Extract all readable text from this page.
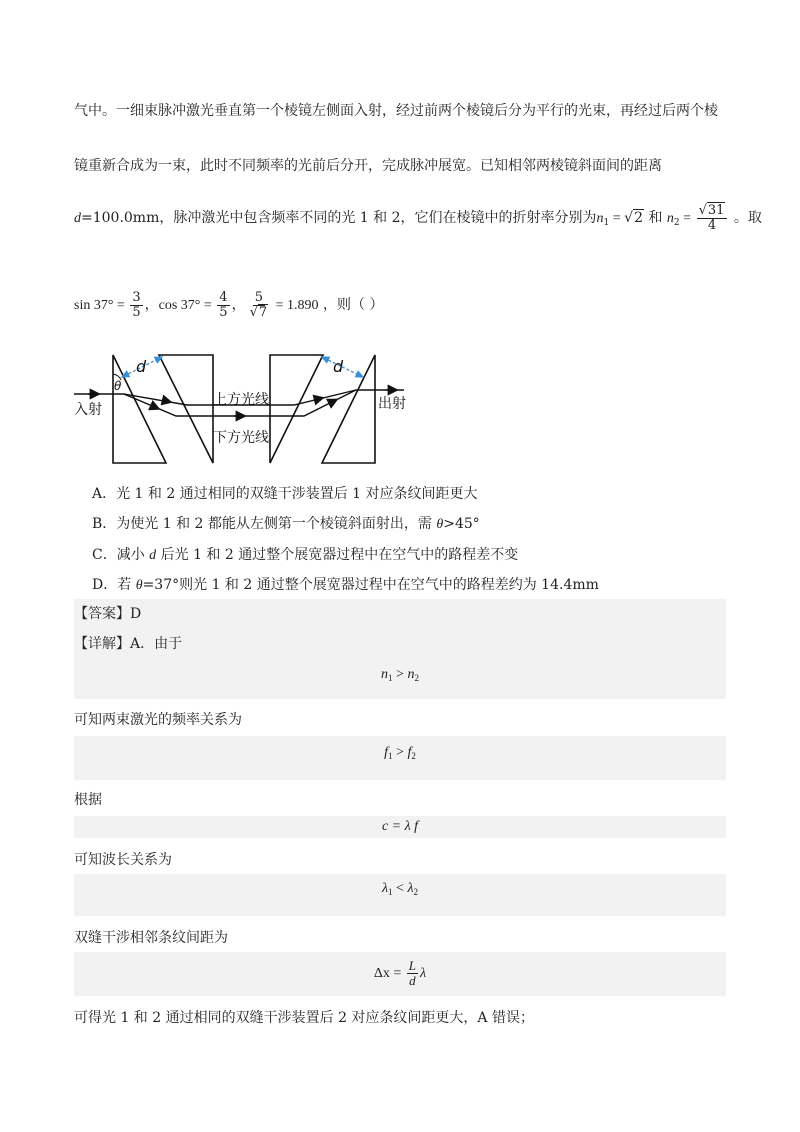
气中。一细束脉冲激光垂直第一个棱镜左侧面入射，经过前两个棱镜后分为平行的光束，再经过后两个棱
镜重新合成为一束，此时不同频率的光前后分开，完成脉冲展宽。已知相邻两棱镜斜面间的距离
d=100.0mm，脉冲激光中包含频率不同的光 1 和 2，它们在棱镜中的折射率分别为$n_1 = √2$ 和 $n_2 = \frac{√31}{4}$ 。取
$\sin 37^\circ = \frac{3}{5}$ ，$\cos 37^\circ = \frac{4}{5}$ ， $\frac{5}{√7} = 1.890$ ，则（ ）
d	d
θ
入射	出射
上方光线
下方光线
A．光 1 和 2 通过相同的双缝干涉装置后 1 对应条纹间距更大
B．为使光 1 和 2 都能从左侧第一个棱镜斜面射出，需 θ>45°
C．减小 d 后光 1 和 2 通过整个展宽器过程中在空气中的路程差不变
D．若 θ=37°则光 1 和 2 通过整个展宽器过程中在空气中的路程差约为 14.4mm
【答案】D
【详解】A．由于
$n_1 > n_2$
可知两束激光的频率关系为
$f_1 > f_2$
根据
c = λ f
可知波长关系为
$\lambda_1 < \lambda_2$
双缝干涉相邻条纹间距为
$\Delta x = \frac{L}{d}$ λ
可得光 1 和 2 通过相同的双缝干涉装置后 2 对应条纹间距更大，A 错误；
